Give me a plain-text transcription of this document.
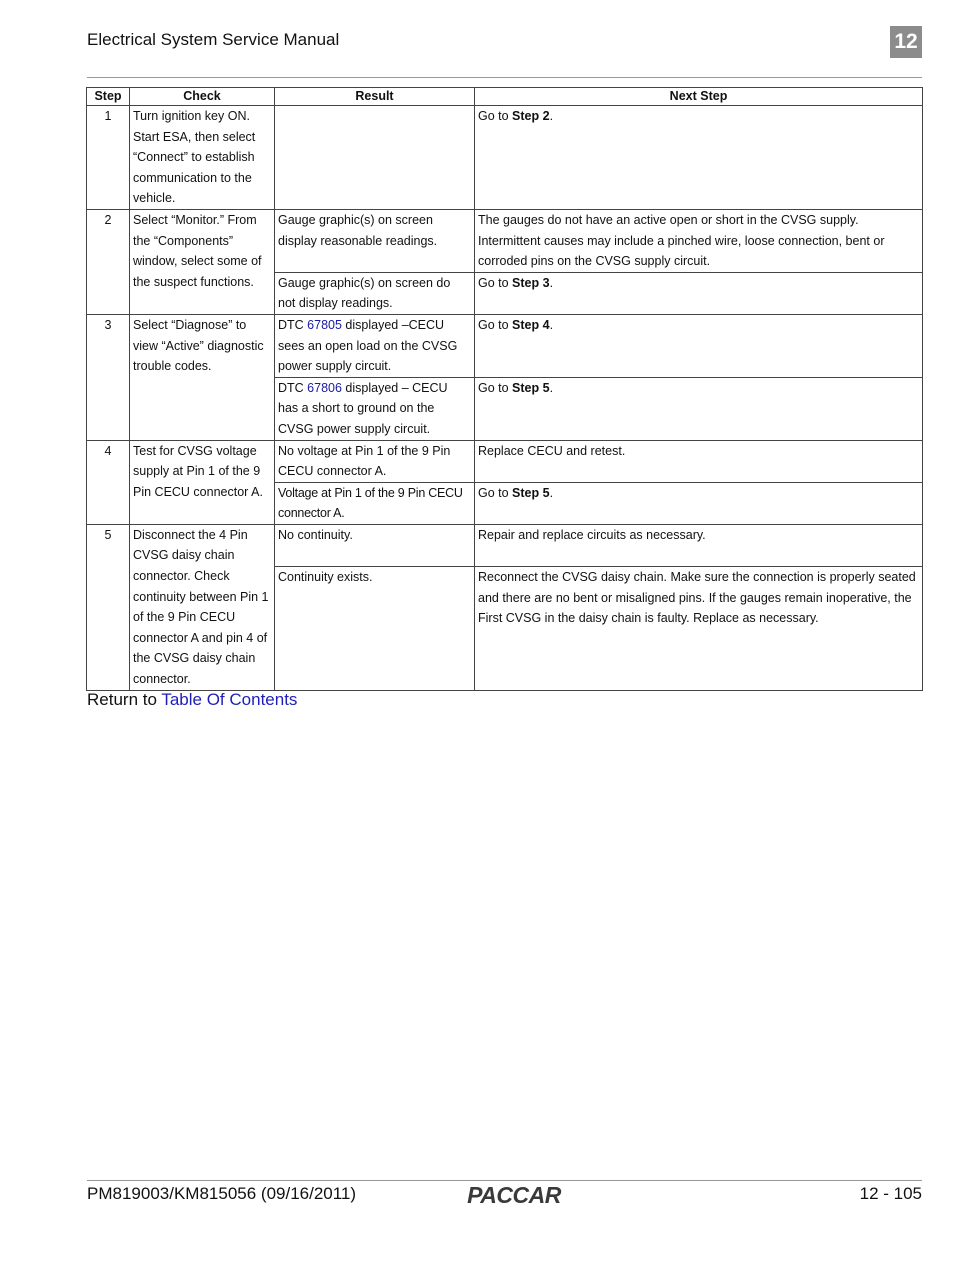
Electrical System Service Manual	12
Step	Check	Result	Next Step
1	Turn ignition key ON. Start ESA, then select “Connect” to establish communication to the vehicle.		Go to Step 2.
2	Select “Monitor.” From the “Components” window, select some of the suspect functions.	Gauge graphic(s) on screen display reasonable readings.	The gauges do not have an active open or short in the CVSG supply. Intermittent causes may include a pinched wire, loose connection, bent or corroded pins on the CVSG supply circuit.
		Gauge graphic(s) on screen do not display readings.	Go to Step 3.
3	Select “Diagnose” to view “Active” diagnostic trouble codes.	DTC 67805 displayed –CECU sees an open load on the CVSG power supply circuit.	Go to Step 4.
		DTC 67806 displayed – CECU has a short to ground on the CVSG power supply circuit.	Go to Step 5.
4	Test for CVSG voltage supply at Pin 1 of the 9 Pin CECU connector A.	No voltage at Pin 1 of the 9 Pin CECU connector A.	Replace CECU and retest.
		Voltage at Pin 1 of the 9 Pin CECU connector A.	Go to Step 5.
5	Disconnect the 4 Pin CVSG daisy chain connector. Check continuity between Pin 1 of the 9 Pin CECU connector A and pin 4 of the CVSG daisy chain connector.	No continuity.	Repair and replace circuits as necessary.
		Continuity exists.	Reconnect the CVSG daisy chain. Make sure the connection is properly seated and there are no bent or misaligned pins. If the gauges remain inoperative, the First CVSG in the daisy chain is faulty. Replace as necessary.
Return to Table Of Contents
PM819003/KM815056 (09/16/2011)	PACCAR	12 - 105
